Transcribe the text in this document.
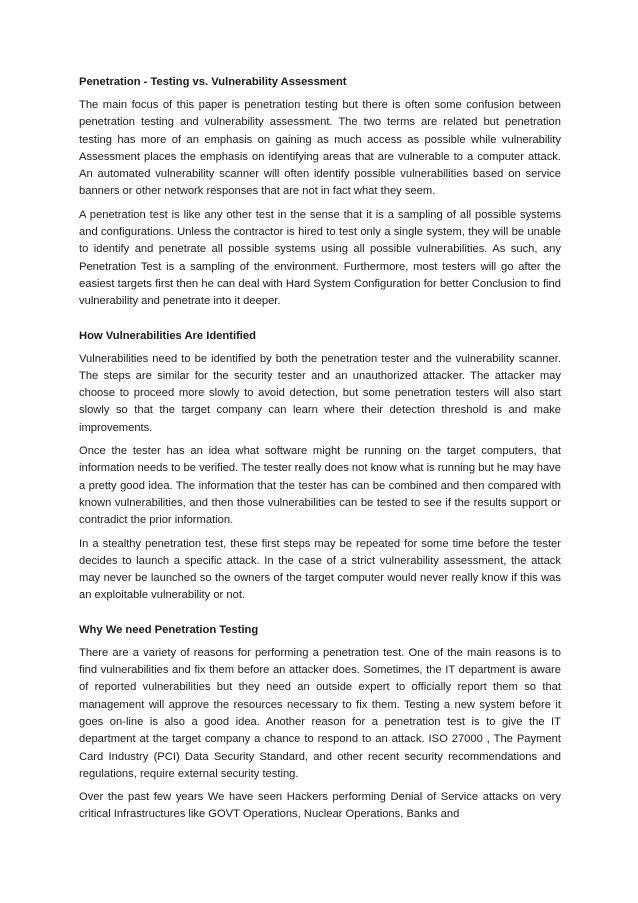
Penetration - Testing vs. Vulnerability Assessment

The main focus of this paper is penetration testing but there is often some confusion between penetration testing and vulnerability assessment. The two terms are related but penetration testing has more of an emphasis on gaining as much access as possible while vulnerability Assessment places the emphasis on identifying areas that are vulnerable to a computer attack. An automated vulnerability scanner will often identify possible vulnerabilities based on service banners or other network responses that are not in fact what they seem.

A penetration test is like any other test in the sense that it is a sampling of all possible systems and configurations. Unless the contractor is hired to test only a single system, they will be unable to identify and penetrate all possible systems using all possible vulnerabilities. As such, any Penetration Test is a sampling of the environment. Furthermore, most testers will go after the easiest targets first then he can deal with Hard System Configuration for better Conclusion to find vulnerability and penetrate into it deeper.

How Vulnerabilities Are Identified

Vulnerabilities need to be identified by both the penetration tester and the vulnerability scanner. The steps are similar for the security tester and an unauthorized attacker. The attacker may choose to proceed more slowly to avoid detection, but some penetration testers will also start slowly so that the target company can learn where their detection threshold is and make improvements.

Once the tester has an idea what software might be running on the target computers, that information needs to be verified. The tester really does not know what is running but he may have a pretty good idea. The information that the tester has can be combined and then compared with known vulnerabilities, and then those vulnerabilities can be tested to see if the results support or contradict the prior information.

In a stealthy penetration test, these first steps may be repeated for some time before the tester decides to launch a specific attack. In the case of a strict vulnerability assessment, the attack may never be launched so the owners of the target computer would never really know if this was an exploitable vulnerability or not.

Why We need Penetration Testing

There are a variety of reasons for performing a penetration test. One of the main reasons is to find vulnerabilities and fix them before an attacker does. Sometimes, the IT department is aware of reported vulnerabilities but they need an outside expert to officially report them so that management will approve the resources necessary to fix them. Testing a new system before it goes on-line is also a good idea. Another reason for a penetration test is to give the IT department at the target company a chance to respond to an attack. ISO 27000 , The Payment Card Industry (PCI) Data Security Standard, and other recent security recommendations and regulations, require external security testing.

Over the past few years We have seen Hackers performing Denial of Service attacks on very critical Infrastructures like GOVT Operations, Nuclear Operations, Banks and
